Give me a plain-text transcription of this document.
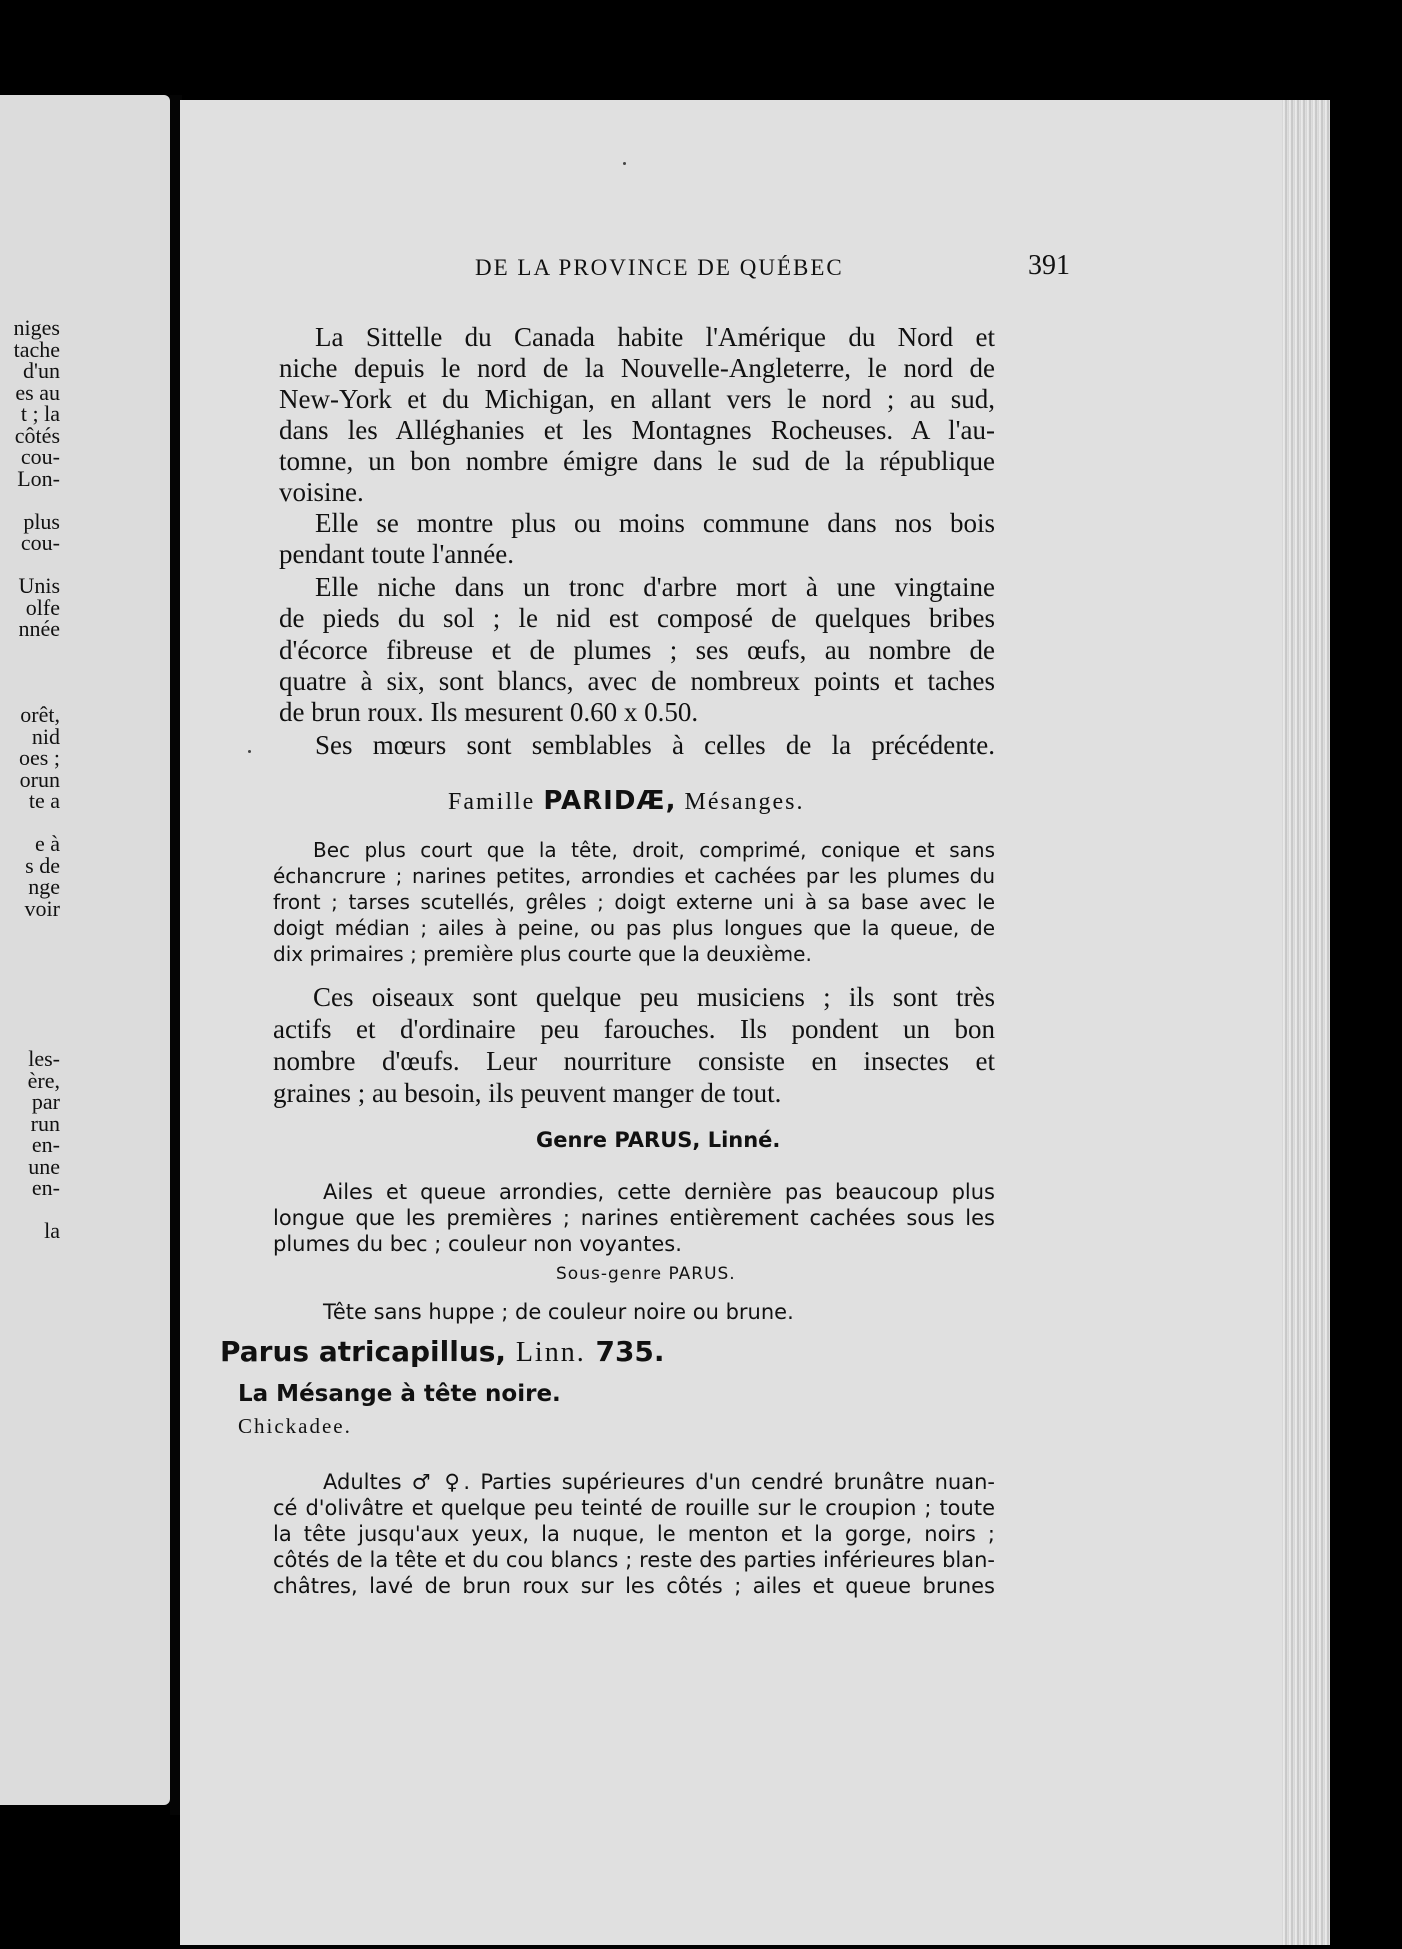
niges
tache
d'un
es au
t ; la
côtés
cou-
Lon-
plus
cou-
Unis
olfe
nnée
orêt,
nid
oes ;
orun
te a
e à
s de
nge
voir
les-
ère,
par
run
en-
une
en-
la
DE LA PROVINCE DE QUÉBEC	391
La Sittelle du Canada habite l'Amérique du Nord et
niche depuis le nord de la Nouvelle-Angleterre, le nord de
New-York et du Michigan, en allant vers le nord ; au sud,
dans les Alléghanies et les Montagnes Rocheuses. A l'au-
tomne, un bon nombre émigre dans le sud de la république
voisine.
Elle se montre plus ou moins commune dans nos bois
pendant toute l'année.
Elle niche dans un tronc d'arbre mort à une vingtaine
de pieds du sol ; le nid est composé de quelques bribes
d'écorce fibreuse et de plumes ; ses œufs, au nombre de
quatre à six, sont blancs, avec de nombreux points et taches
de brun roux. Ils mesurent 0.60 x 0.50.
Ses mœurs sont semblables à celles de la précédente.
Famille PARIDÆ, Mésanges.
Bec plus court que la tête, droit, comprimé, conique et sans
échancrure ; narines petites, arrondies et cachées par les plumes du
front ; tarses scutellés, grêles ; doigt externe uni à sa base avec le
doigt médian ; ailes à peine, ou pas plus longues que la queue, de
dix primaires ; première plus courte que la deuxième.
Ces oiseaux sont quelque peu musiciens ; ils sont très
actifs et d'ordinaire peu farouches. Ils pondent un bon
nombre d'œufs. Leur nourriture consiste en insectes et
graines ; au besoin, ils peuvent manger de tout.
Genre PARUS, Linné.
Ailes et queue arrondies, cette dernière pas beaucoup plus
longue que les premières ; narines entièrement cachées sous les
plumes du bec ; couleur non voyantes.
Sous-genre PARUS.
Tête sans huppe ; de couleur noire ou brune.
Parus atricapillus, Linn. 735.
La Mésange à tête noire.
Chickadee.
Adultes ♂ ♀. Parties supérieures d'un cendré brunâtre nuan-
cé d'olivâtre et quelque peu teinté de rouille sur le croupion ; toute
la tête jusqu'aux yeux, la nuque, le menton et la gorge, noirs ;
côtés de la tête et du cou blancs ; reste des parties inférieures blan-
châtres, lavé de brun roux sur les côtés ; ailes et queue brunes
